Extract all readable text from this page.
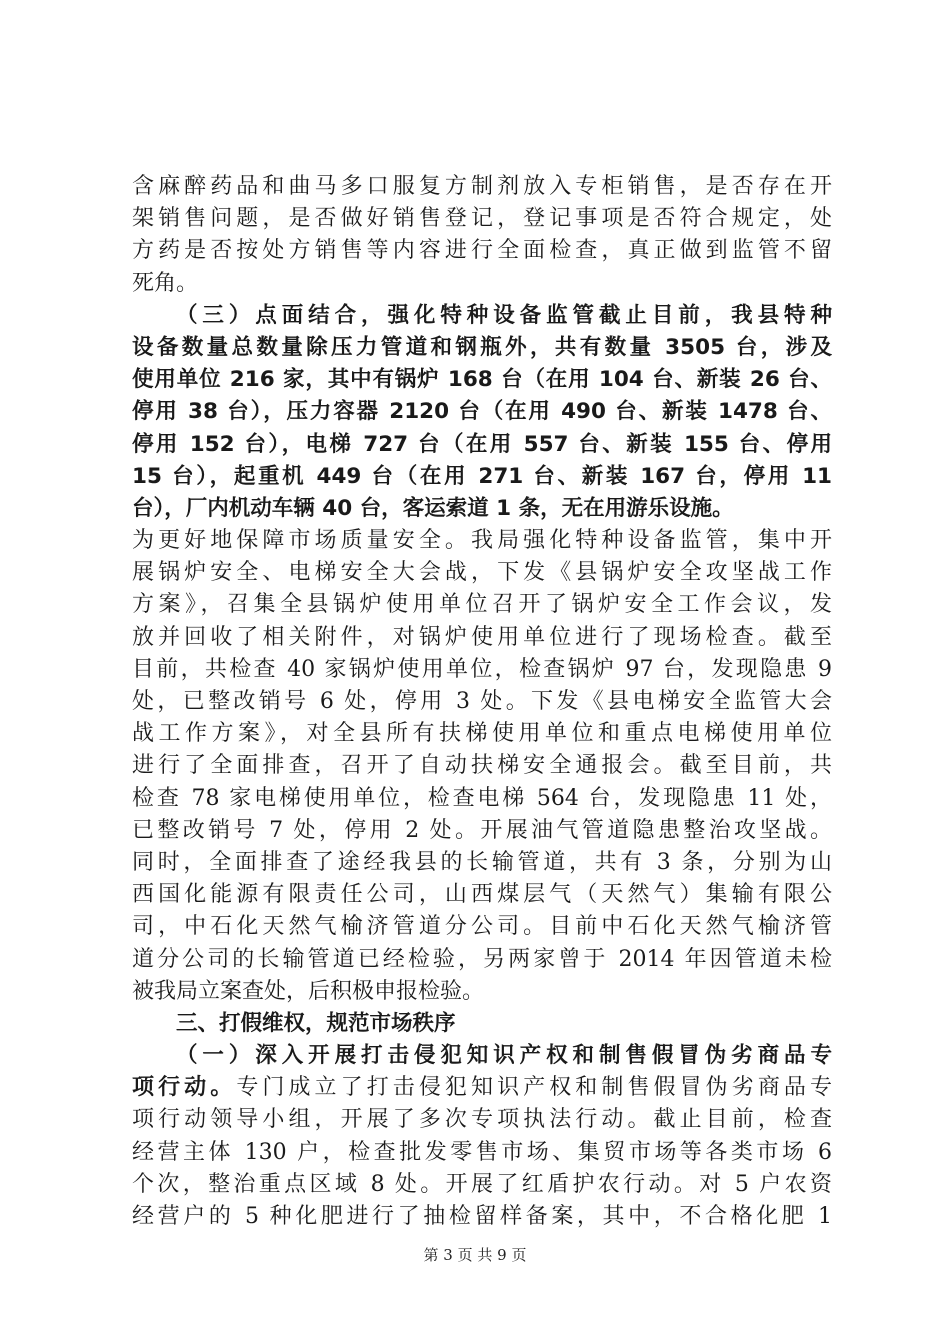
含麻醉药品和曲马多口服复方制剂放入专柜销售，是否存在开
架销售问题，是否做好销售登记，登记事项是否符合规定，处
方药是否按处方销售等内容进行全面检查，真正做到监管不留
死角。
（三）点面结合，强化特种设备监管截止目前，我县特种
设备数量总数量除压力管道和钢瓶外，共有数量 3505 台，涉及
使用单位 216 家，其中有锅炉 168 台（在用 104 台、新装 26 台、
停用 38 台），压力容器 2120 台（在用 490 台、新装 1478 台、
停用 152 台），电梯 727 台（在用 557 台、新装 155 台、停用
15 台），起重机 449 台（在用 271 台、新装 167 台，停用 11
台），厂内机动车辆 40 台，客运索道 1 条，无在用游乐设施。
为更好地保障市场质量安全。我局强化特种设备监管，集中开
展锅炉安全、电梯安全大会战，下发《县锅炉安全攻坚战工作
方案》，召集全县锅炉使用单位召开了锅炉安全工作会议，发
放并回收了相关附件，对锅炉使用单位进行了现场检查。截至
目前，共检查 40 家锅炉使用单位，检查锅炉 97 台，发现隐患 9
处，已整改销号 6 处，停用 3 处。下发《县电梯安全监管大会
战工作方案》，对全县所有扶梯使用单位和重点电梯使用单位
进行了全面排查，召开了自动扶梯安全通报会。截至目前，共
检查 78 家电梯使用单位，检查电梯 564 台，发现隐患 11 处，
已整改销号 7 处，停用 2 处。开展油气管道隐患整治攻坚战。
同时，全面排查了途经我县的长输管道，共有 3 条，分别为山
西国化能源有限责任公司，山西煤层气（天然气）集输有限公
司，中石化天然气榆济管道分公司。目前中石化天然气榆济管
道分公司的长输管道已经检验，另两家曾于 2014 年因管道未检
被我局立案查处，后积极申报检验。
三、打假维权，规范市场秩序
（一）深入开展打击侵犯知识产权和制售假冒伪劣商品专
项行动。专门成立了打击侵犯知识产权和制售假冒伪劣商品专
项行动领导小组，开展了多次专项执法行动。截止目前，检查
经营主体 130 户，检查批发零售市场、集贸市场等各类市场 6
个次，整治重点区域 8 处。开展了红盾护农行动。对 5 户农资
经营户的 5 种化肥进行了抽检留样备案，其中，不合格化肥 1
第 3 页 共 9 页
